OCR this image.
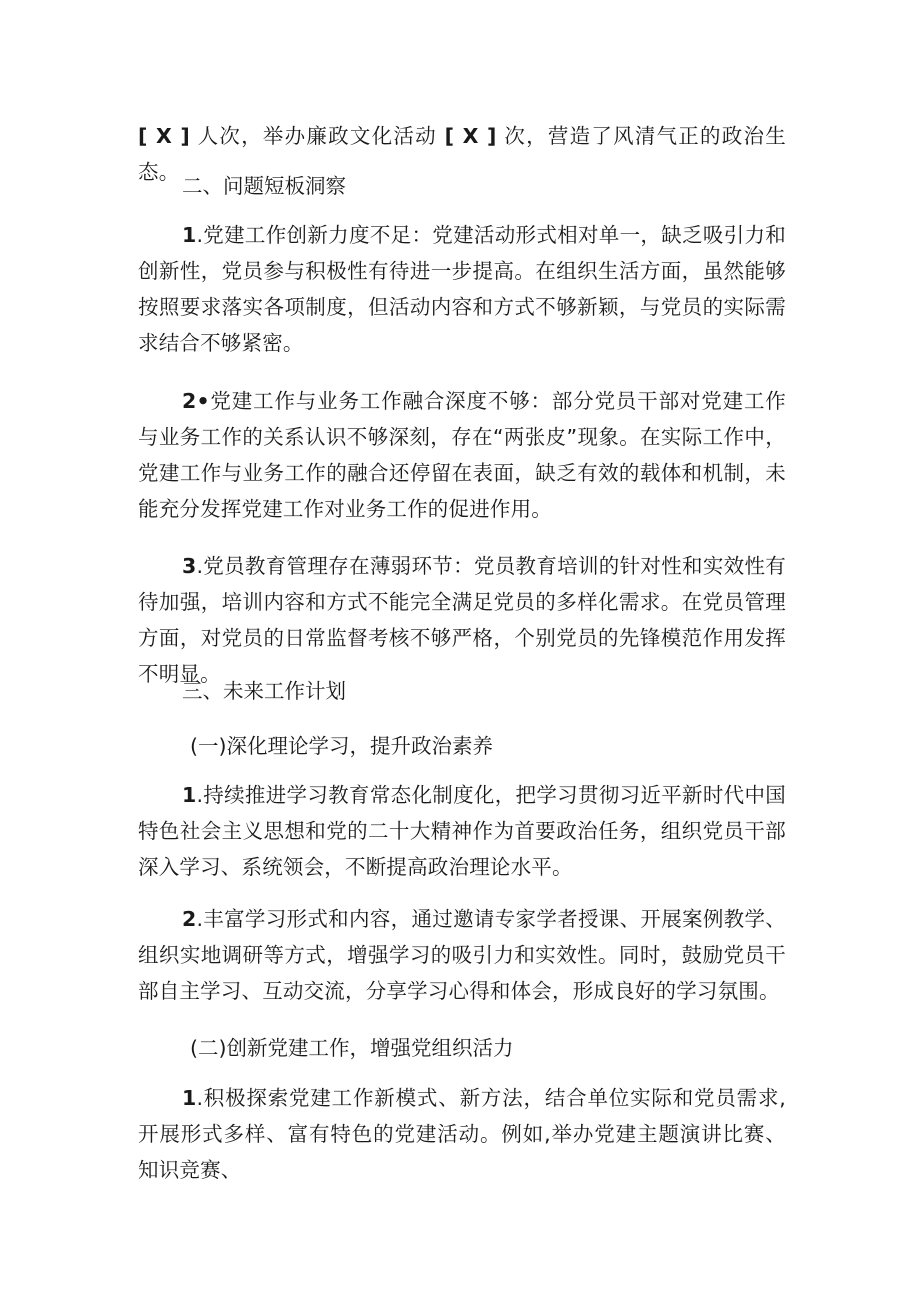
[ X ] 人次，举办廉政文化活动 [ X ] 次，营造了风清气正的政治生态。

二、问题短板洞察

1.党建工作创新力度不足：党建活动形式相对单一，缺乏吸引力和创新性，党员参与积极性有待进一步提高。在组织生活方面，虽然能够按照要求落实各项制度，但活动内容和方式不够新颖，与党员的实际需求结合不够紧密。

2•党建工作与业务工作融合深度不够：部分党员干部对党建工作与业务工作的关系认识不够深刻，存在“两张皮”现象。在实际工作中，党建工作与业务工作的融合还停留在表面，缺乏有效的载体和机制，未能充分发挥党建工作对业务工作的促进作用。

3.党员教育管理存在薄弱环节：党员教育培训的针对性和实效性有待加强，培训内容和方式不能完全满足党员的多样化需求。在党员管理方面，对党员的日常监督考核不够严格，个别党员的先锋模范作用发挥不明显。

三、未来工作计划

(一)深化理论学习，提升政治素养

1.持续推进学习教育常态化制度化，把学习贯彻习近平新时代中国特色社会主义思想和党的二十大精神作为首要政治任务，组织党员干部深入学习、系统领会，不断提高政治理论水平。

2.丰富学习形式和内容，通过邀请专家学者授课、开展案例教学、组织实地调研等方式，增强学习的吸引力和实效性。同时，鼓励党员干部自主学习、互动交流，分享学习心得和体会，形成良好的学习氛围。

(二)创新党建工作，增强党组织活力

1.积极探索党建工作新模式、新方法，结合单位实际和党员需求,开展形式多样、富有特色的党建活动。例如,举办党建主题演讲比赛、知识竞赛、
